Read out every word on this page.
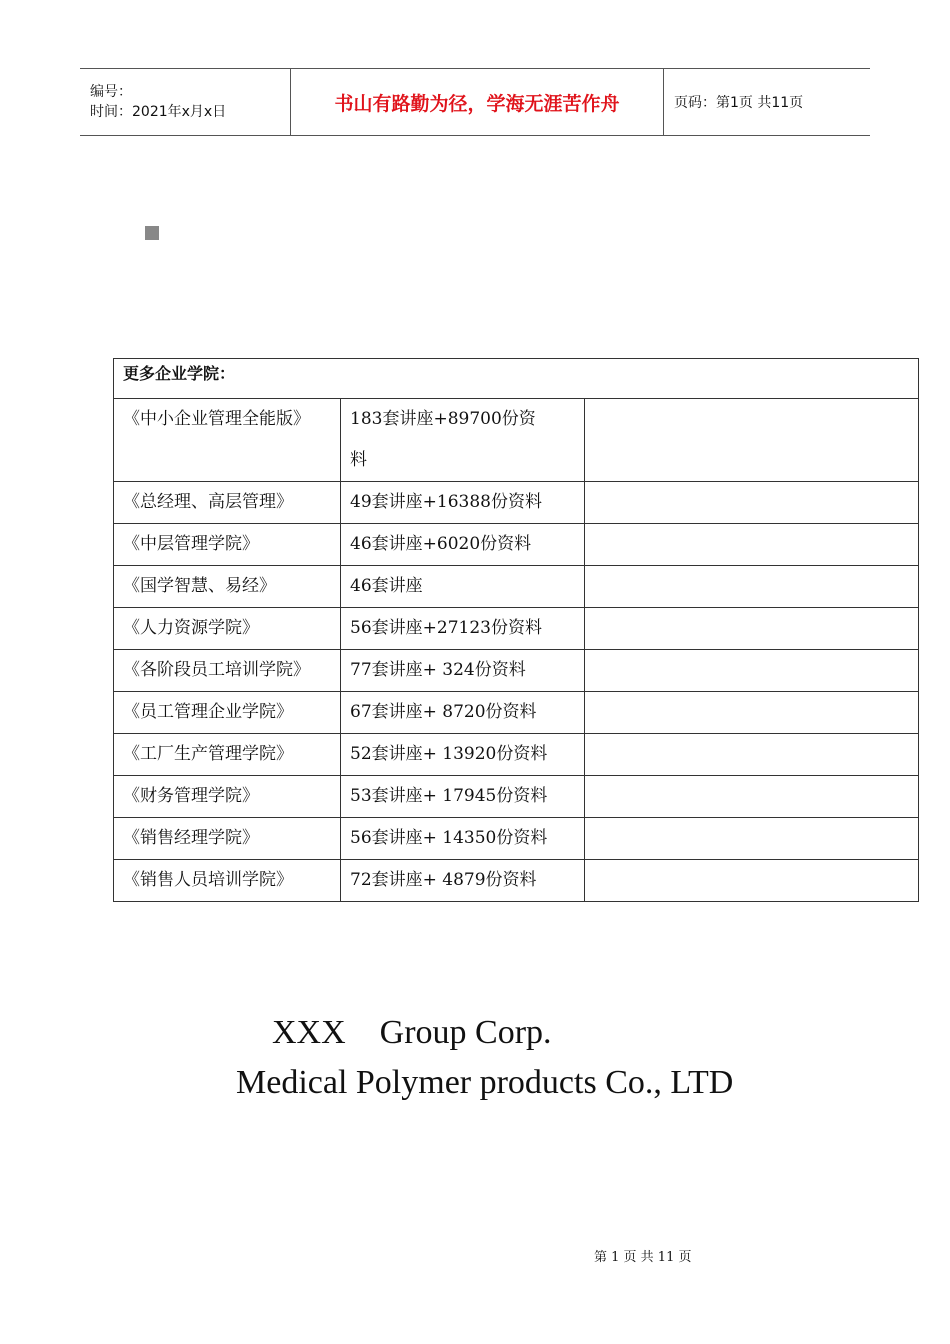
编号：
时间：2021年x月x日	书山有路勤为径，学海无涯苦作舟	页码：第1页 共11页
更多企业学院：		

《中小企业管理全能版》	183套讲座+89700份资料	

《总经理、高层管理》	49套讲座+16388份资料	

《中层管理学院》	46套讲座+6020份资料	

《国学智慧、易经》	46套讲座	

《人力资源学院》	56套讲座+27123份资料	

《各阶段员工培训学院》	77套讲座+ 324份资料	

《员工管理企业学院》	67套讲座+ 8720份资料	

《工厂生产管理学院》	52套讲座+ 13920份资料	

《财务管理学院》	53套讲座+ 17945份资料	

《销售经理学院》	56套讲座+ 14350份资料	

《销售人员培训学院》	72套讲座+ 4879份资料	

XXX    Group Corp.
Medical Polymer products Co., LTD
第 1 页 共 11 页
